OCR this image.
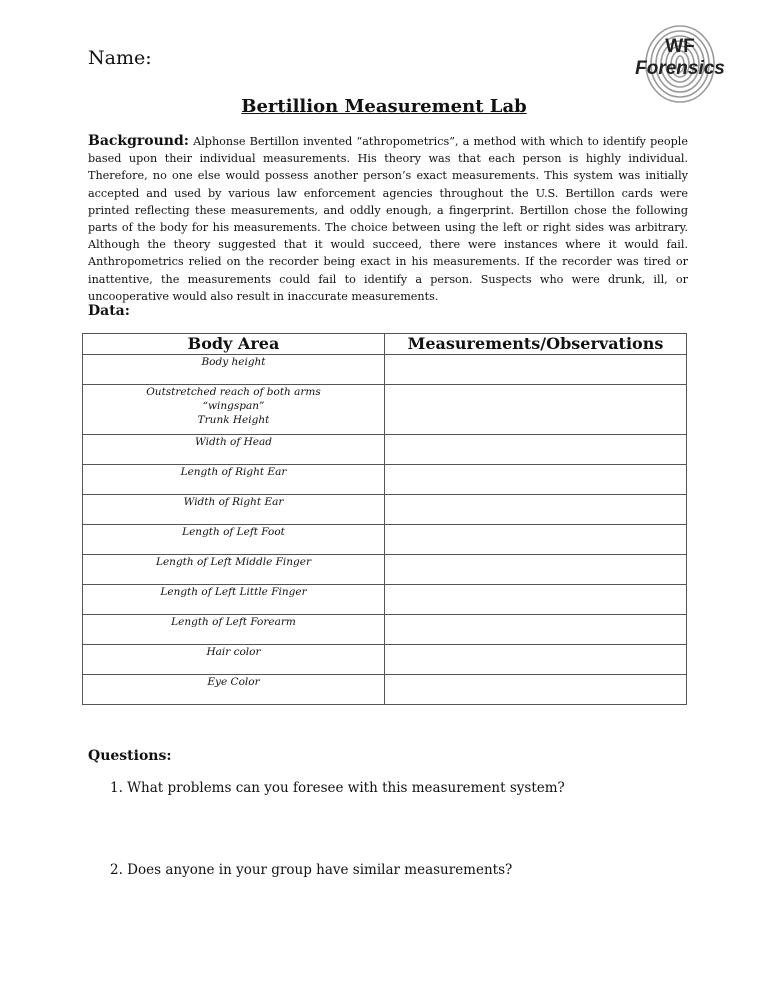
Name:
WF
Forensics
Bertillion Measurement Lab
Background: Alphonse Bertillon invented “athropometrics”, a method with which to identify people based upon their individual measurements. His theory was that each person is highly individual. Therefore, no one else would possess another person’s exact measurements. This system was initially accepted and used by various law enforcement agencies throughout the U.S. Bertillon cards were printed reflecting these measurements, and oddly enough, a fingerprint. Bertillon chose the following parts of the body for his measurements. The choice between using the left or right sides was arbitrary. Although the theory suggested that it would succeed, there were instances where it would fail. Anthropometrics relied on the recorder being exact in his measurements. If the recorder was tired or inattentive, the measurements could fail to identify a person. Suspects who were drunk, ill, or uncooperative would also result in inaccurate measurements.
Data:
Body Area	Measurements/Observations
Body height	

Outstretched reach of both arms “wingspan”
Trunk Height	

Width of Head	
Length of Right Ear	
Width of Right Ear	
Length of Left Foot	
Length of Left Middle Finger	
Length of Left Little Finger	
Length of Left Forearm	
Hair color	
Eye Color	
Questions:
1. What problems can you foresee with this measurement system?
2. Does anyone in your group have similar measurements?
